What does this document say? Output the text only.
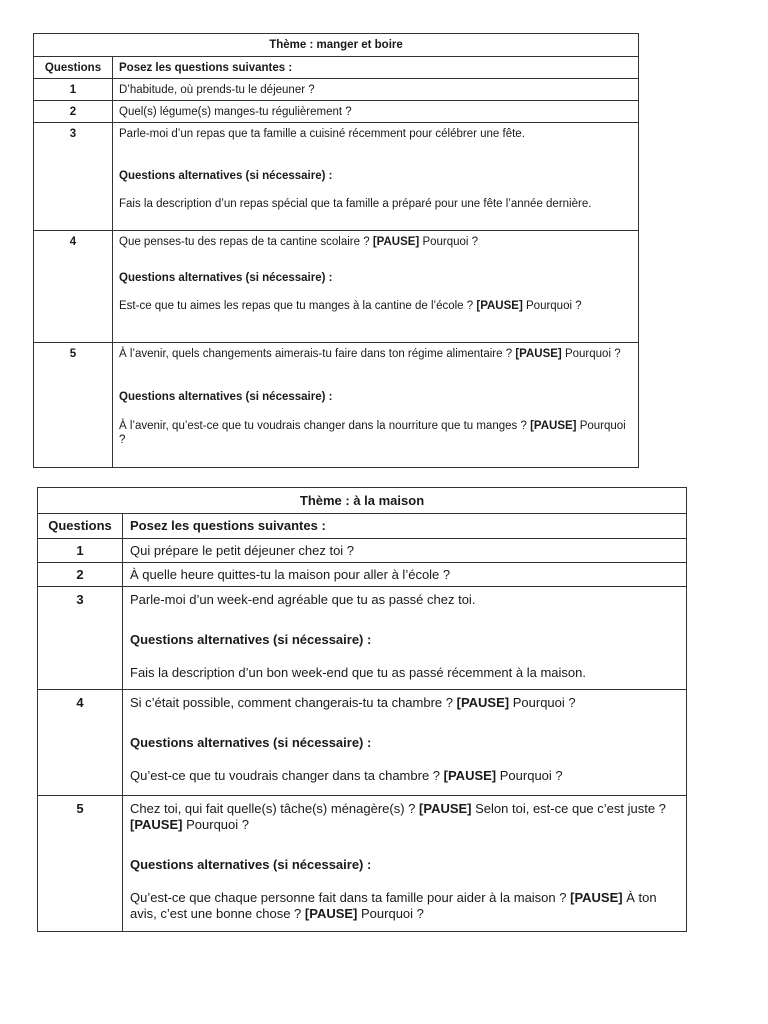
Thème : manger et boire	
Questions	Posez les questions suivantes :
1	D’habitude, où prends-tu le déjeuner ?
2	Quel(s) légume(s) manges-tu régulièrement ?
3	Parle-moi d’un repas que ta famille a cuisiné récemment pour célébrer une fête.

Questions alternatives (si nécessaire) :

Fais la description d’un repas spécial que ta famille a préparé pour une fête l’année dernière.

4	Que penses-tu des repas de ta cantine scolaire ? [PAUSE] Pourquoi ?

Questions alternatives (si nécessaire) :

Est-ce que tu aimes les repas que tu manges à la cantine de l’école ? [PAUSE] Pourquoi ?

5	À l’avenir, quels changements aimerais-tu faire dans ton régime alimentaire ? [PAUSE] Pourquoi ?

Questions alternatives (si nécessaire) :

À l’avenir, qu’est-ce que tu voudrais changer dans la nourriture que tu manges ? [PAUSE] Pourquoi ?

Thème : à la maison	
Questions	Posez les questions suivantes :
1	Qui prépare le petit déjeuner chez toi ?
2	À quelle heure quittes-tu la maison pour aller à l’école ?
3	Parle-moi d’un week-end agréable que tu as passé chez toi.

Questions alternatives (si nécessaire) :

Fais la description d’un bon week-end que tu as passé récemment à la maison.

4	Si c’était possible, comment changerais-tu ta chambre ? [PAUSE] Pourquoi ?

Questions alternatives (si nécessaire) :

Qu’est-ce que tu voudrais changer dans ta chambre ? [PAUSE] Pourquoi ?

5	Chez toi, qui fait quelle(s) tâche(s) ménagère(s) ? [PAUSE] Selon toi, est-ce que c’est juste ? [PAUSE] Pourquoi ?

Questions alternatives (si nécessaire) :

Qu’est-ce que chaque personne fait dans ta famille pour aider à la maison ? [PAUSE] À ton avis, c’est une bonne chose ? [PAUSE] Pourquoi ?
